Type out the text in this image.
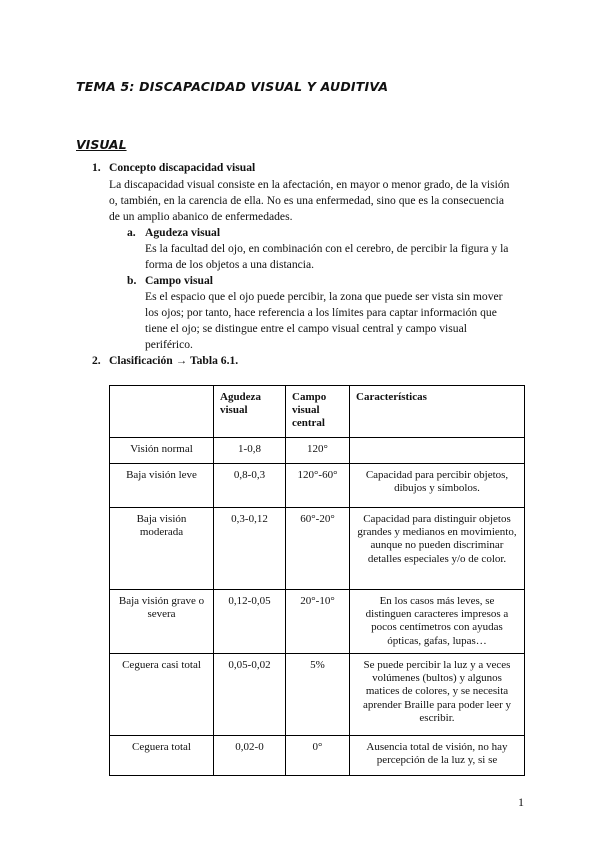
TEMA 5: DISCAPACIDAD VISUAL Y AUDITIVA
VISUAL
1. Concepto discapacidad visual
La discapacidad visual consiste en la afectación, en mayor o menor grado, de la visión
o, también, en la carencia de ella. No es una enfermedad, sino que es la consecuencia
de un amplio abanico de enfermedades.
a. Agudeza visual
Es la facultad del ojo, en combinación con el cerebro, de percibir la figura y la
forma de los objetos a una distancia.
b. Campo visual
Es el espacio que el ojo puede percibir, la zona que puede ser vista sin mover
los ojos; por tanto, hace referencia a los límites para captar información que
tiene el ojo; se distingue entre el campo visual central y campo visual
periférico.
2. Clasificación → Tabla 6.1.
	Agudeza visual	Campo visual central	Características
Visión normal	1-0,8	120°	
Baja visión leve	0,8-0,3	120°-60°	Capacidad para percibir objetos, dibujos y símbolos.
Baja visión moderada	0,3-0,12	60°-20°	Capacidad para distinguir objetos grandes y medianos en movimiento, aunque no pueden discriminar detalles especiales y/o de color.
Baja visión grave o severa	0,12-0,05	20°-10°	En los casos más leves, se distinguen caracteres impresos a pocos centímetros con ayudas ópticas, gafas, lupas…
Ceguera casi total	0,05-0,02	5%	Se puede percibir la luz y a veces volúmenes (bultos) y algunos matices de colores, y se necesita aprender Braille para poder leer y escribir.
Ceguera total	0,02-0	0°	Ausencia total de visión, no hay percepción de la luz y, si se
1
